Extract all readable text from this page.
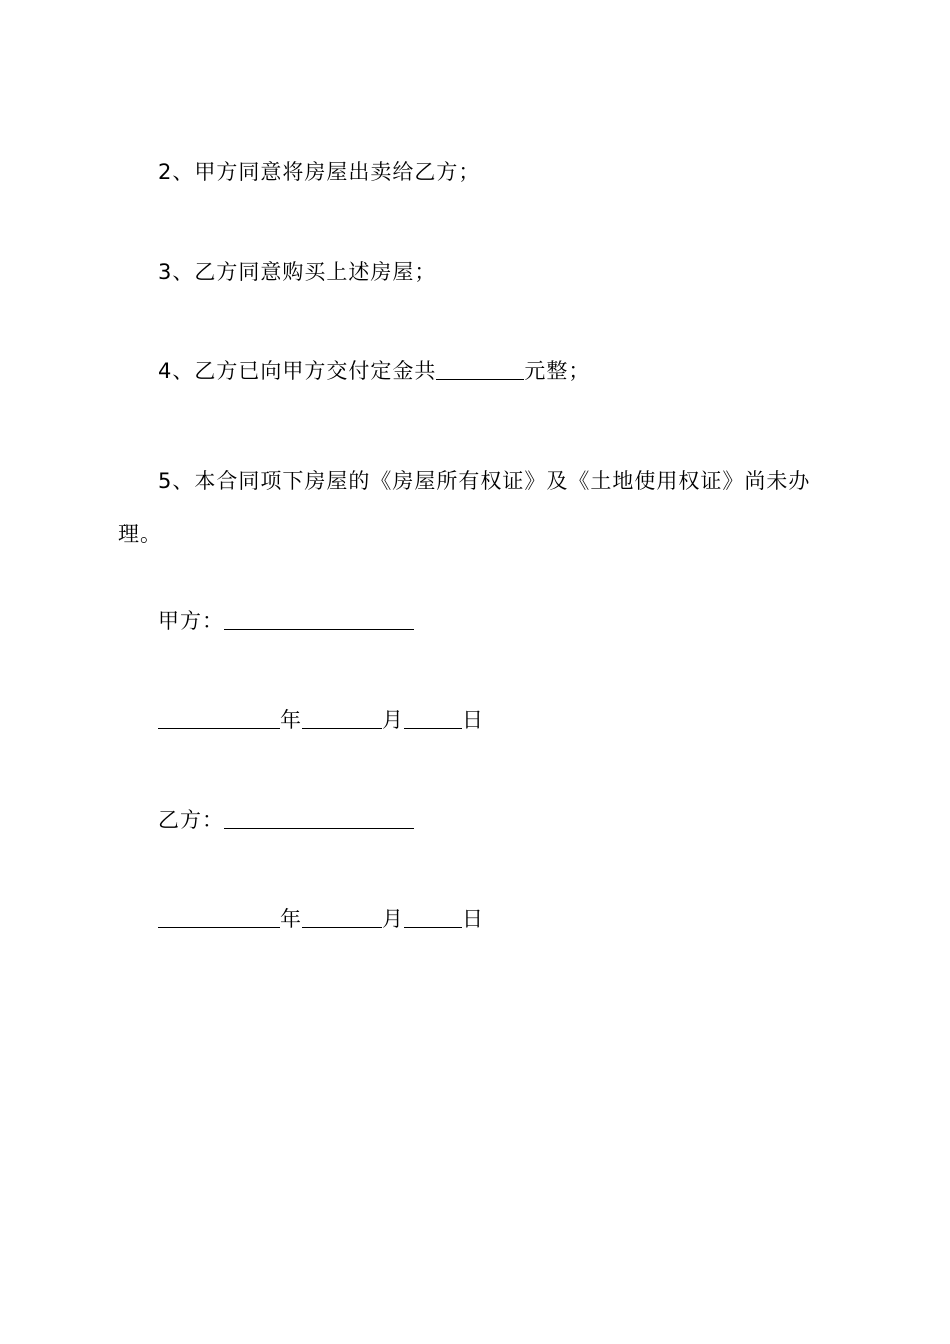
2、甲方同意将房屋出卖给乙方；
3、乙方同意购买上述房屋；
4、乙方已向甲方交付定金共	元整；
5、本合同项下房屋的《房屋所有权证》及《土地使用权证》尚未办理。
甲方：
年	月	日
乙方：
年	月	日
